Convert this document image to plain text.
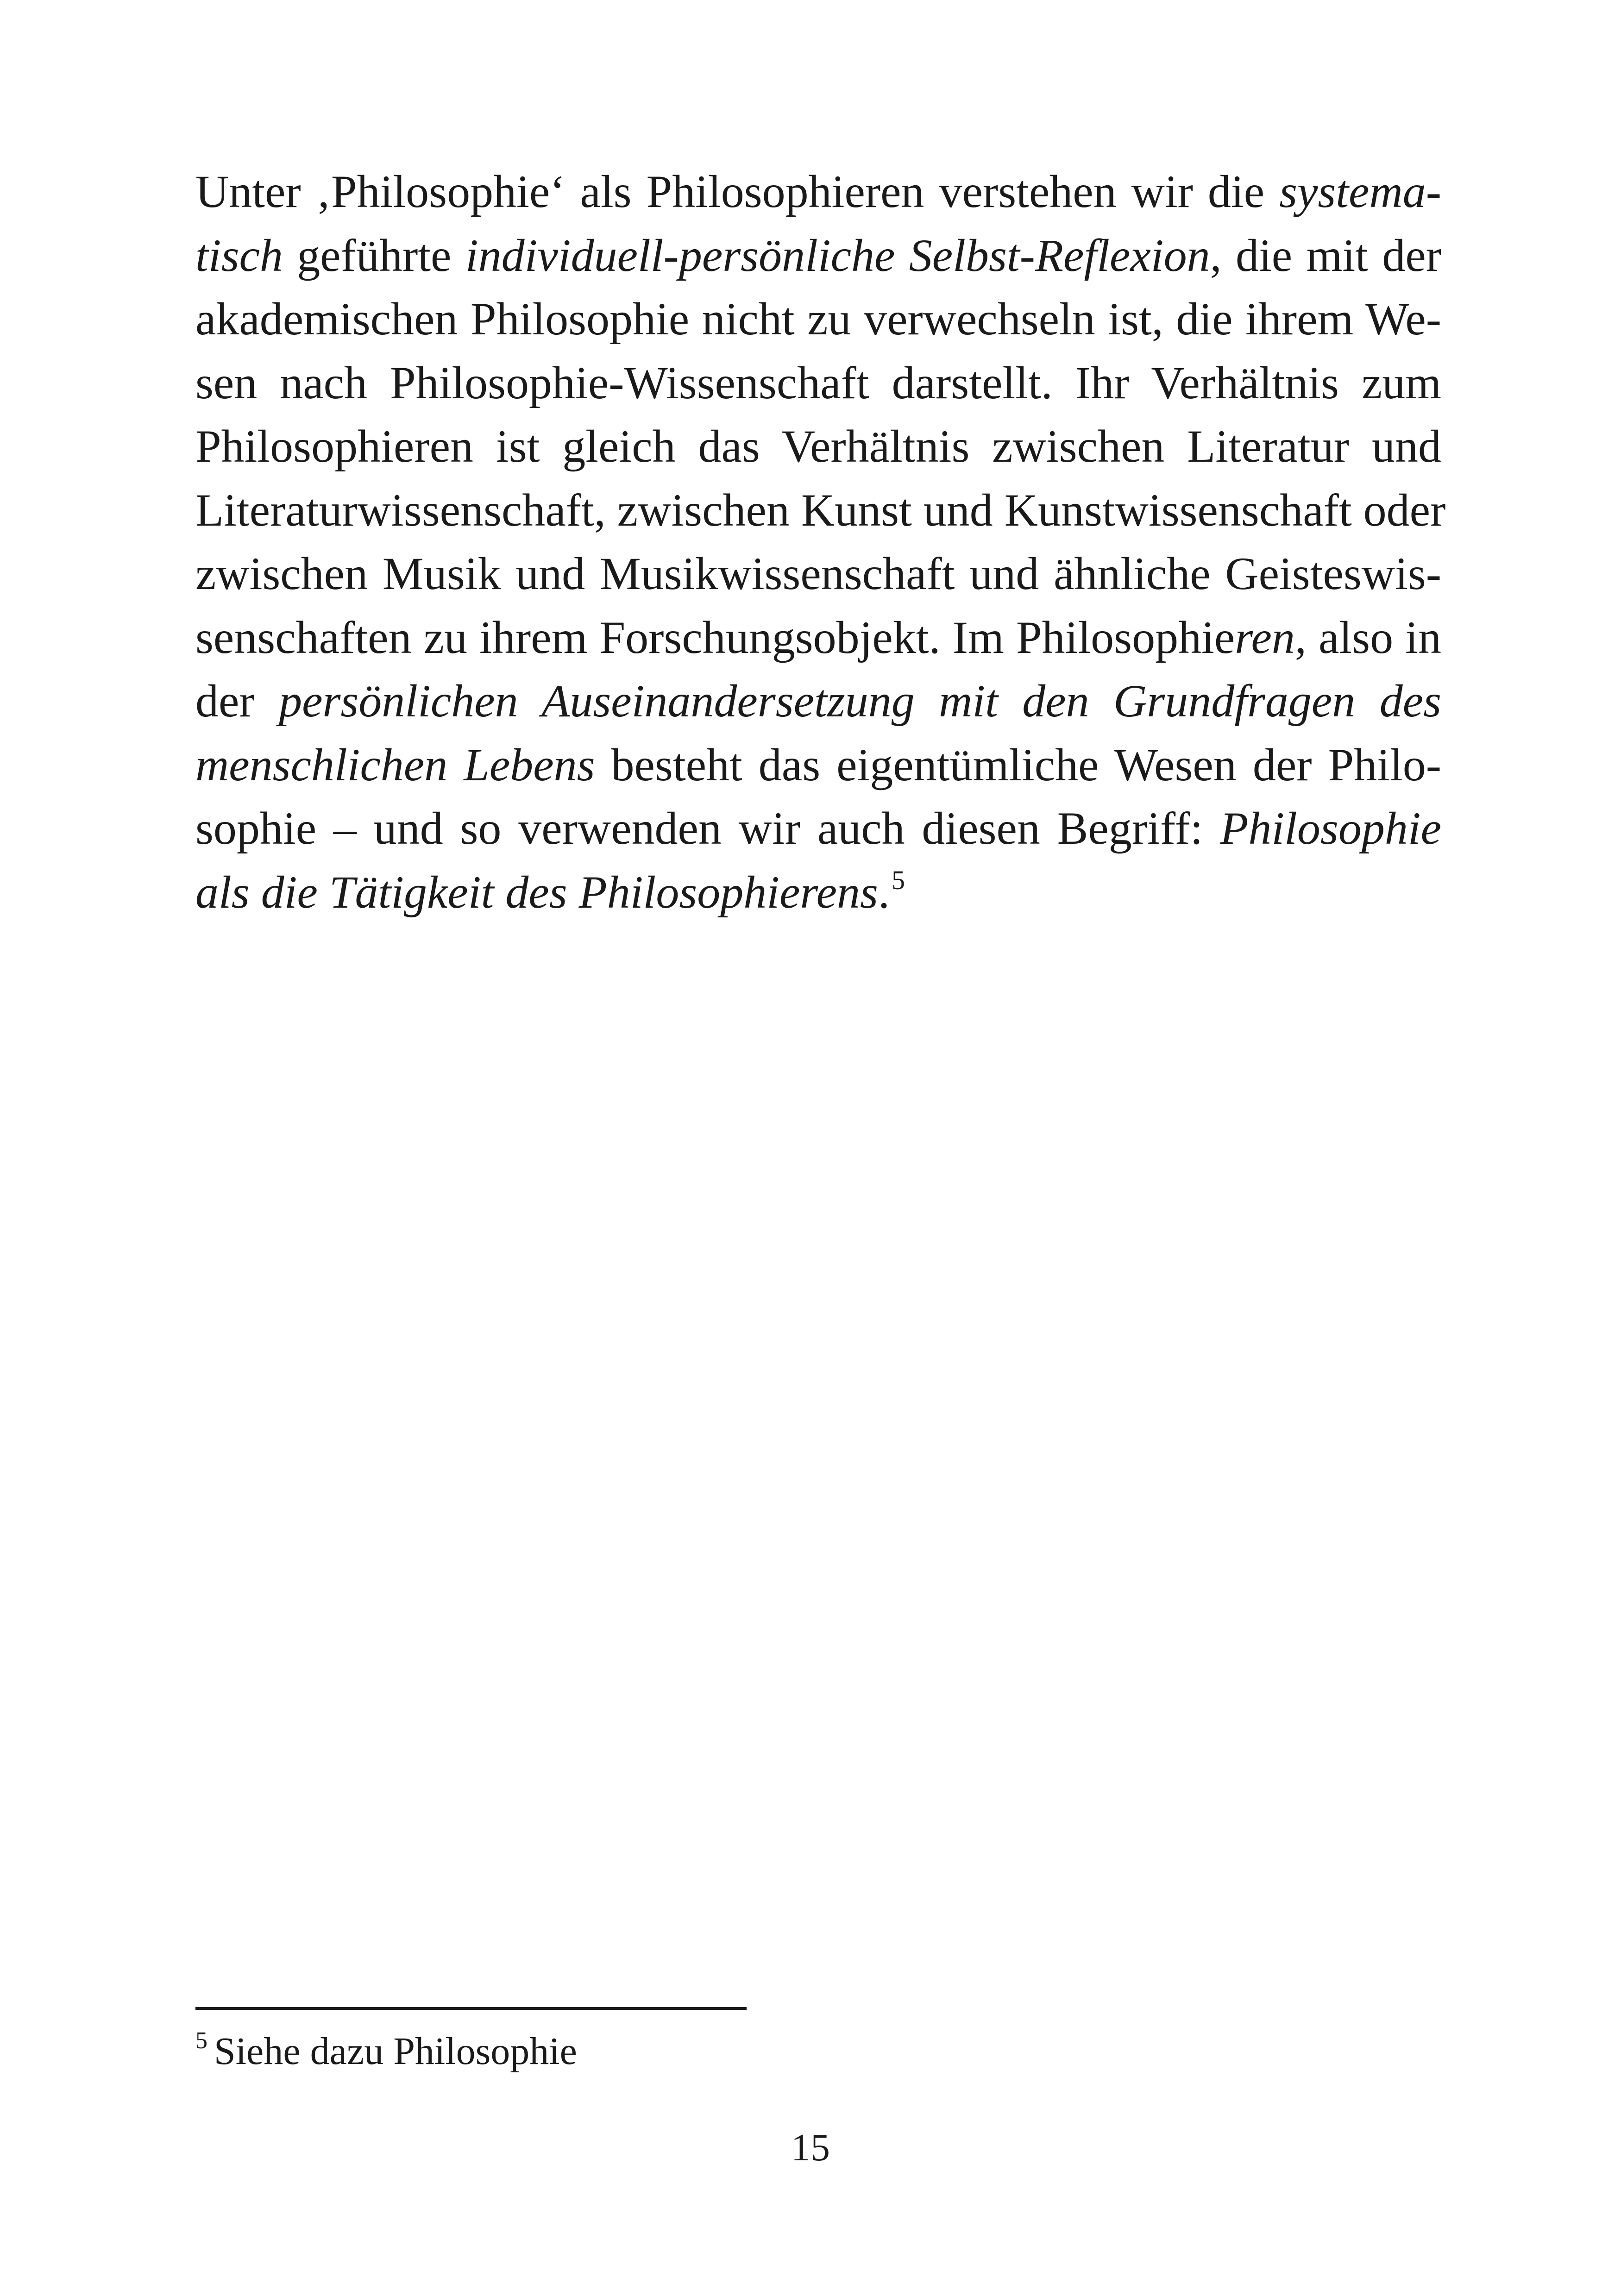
Unter ‚Philosophie‘ als Philosophieren verstehen wir die systema-
tisch geführte individuell-persönliche Selbst-Reflexion, die mit der
akademischen Philosophie nicht zu verwechseln ist, die ihrem We-
sen nach Philosophie-Wissenschaft darstellt. Ihr Verhältnis zum
Philosophieren ist gleich das Verhältnis zwischen Literatur und
Literaturwissenschaft, zwischen Kunst und Kunstwissenschaft oder
zwischen Musik und Musikwissenschaft und ähnliche Geisteswis-
senschaften zu ihrem Forschungsobjekt. Im Philosophieren, also in
der persönlichen Auseinandersetzung mit den Grundfragen des
menschlichen Lebens besteht das eigentümliche Wesen der Philo-
sophie – und so verwenden wir auch diesen Begriff: Philosophie
als die Tätigkeit des Philosophierens.$^5$
$^5$ Siehe dazu Philosophie
15
